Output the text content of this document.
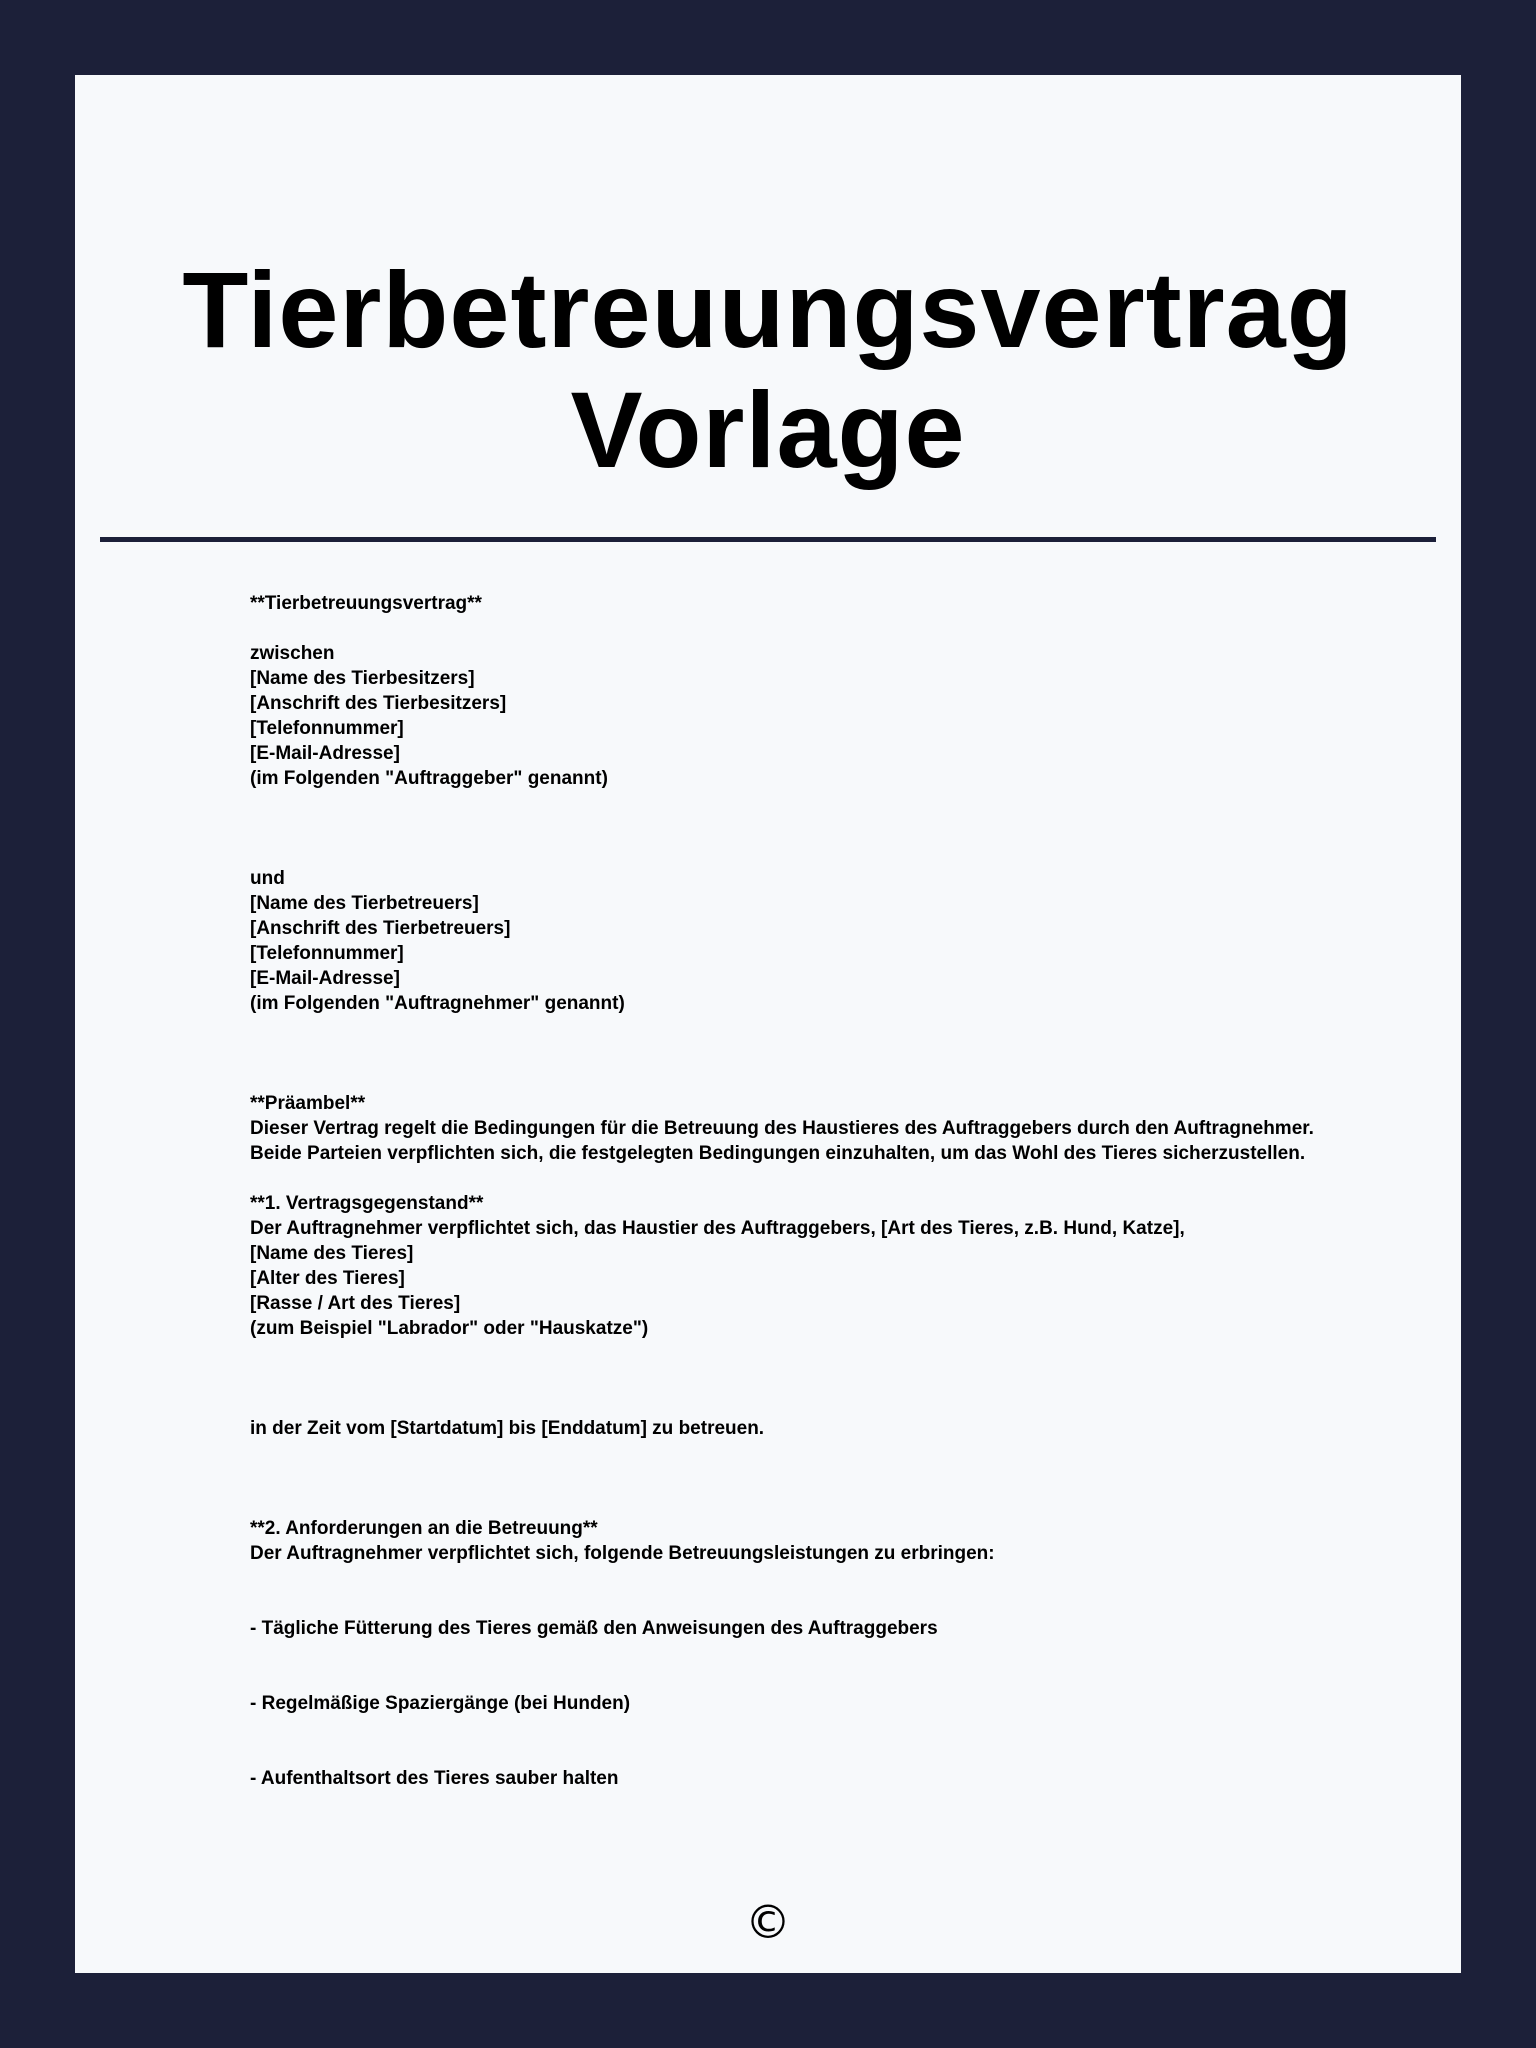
Tierbetreuungsvertrag
Vorlage
**Tierbetreuungsvertrag**
zwischen
[Name des Tierbesitzers]
[Anschrift des Tierbesitzers]
[Telefonnummer]
[E-Mail-Adresse]
(im Folgenden "Auftraggeber" genannt)
und
[Name des Tierbetreuers]
[Anschrift des Tierbetreuers]
[Telefonnummer]
[E-Mail-Adresse]
(im Folgenden "Auftragnehmer" genannt)
**Präambel**
Dieser Vertrag regelt die Bedingungen für die Betreuung des Haustieres des Auftraggebers durch den Auftragnehmer. Beide Parteien verpflichten sich, die festgelegten Bedingungen einzuhalten, um das Wohl des Tieres sicherzustellen.
**1. Vertragsgegenstand**
Der Auftragnehmer verpflichtet sich, das Haustier des Auftraggebers, [Art des Tieres, z.B. Hund, Katze],
[Name des Tieres]
[Alter des Tieres]
[Rasse / Art des Tieres]
(zum Beispiel "Labrador" oder "Hauskatze")
in der Zeit vom [Startdatum] bis [Enddatum] zu betreuen.
**2. Anforderungen an die Betreuung**
Der Auftragnehmer verpflichtet sich, folgende Betreuungsleistungen zu erbringen:
- Tägliche Fütterung des Tieres gemäß den Anweisungen des Auftraggebers
- Regelmäßige Spaziergänge (bei Hunden)
- Aufenthaltsort des Tieres sauber halten
©
